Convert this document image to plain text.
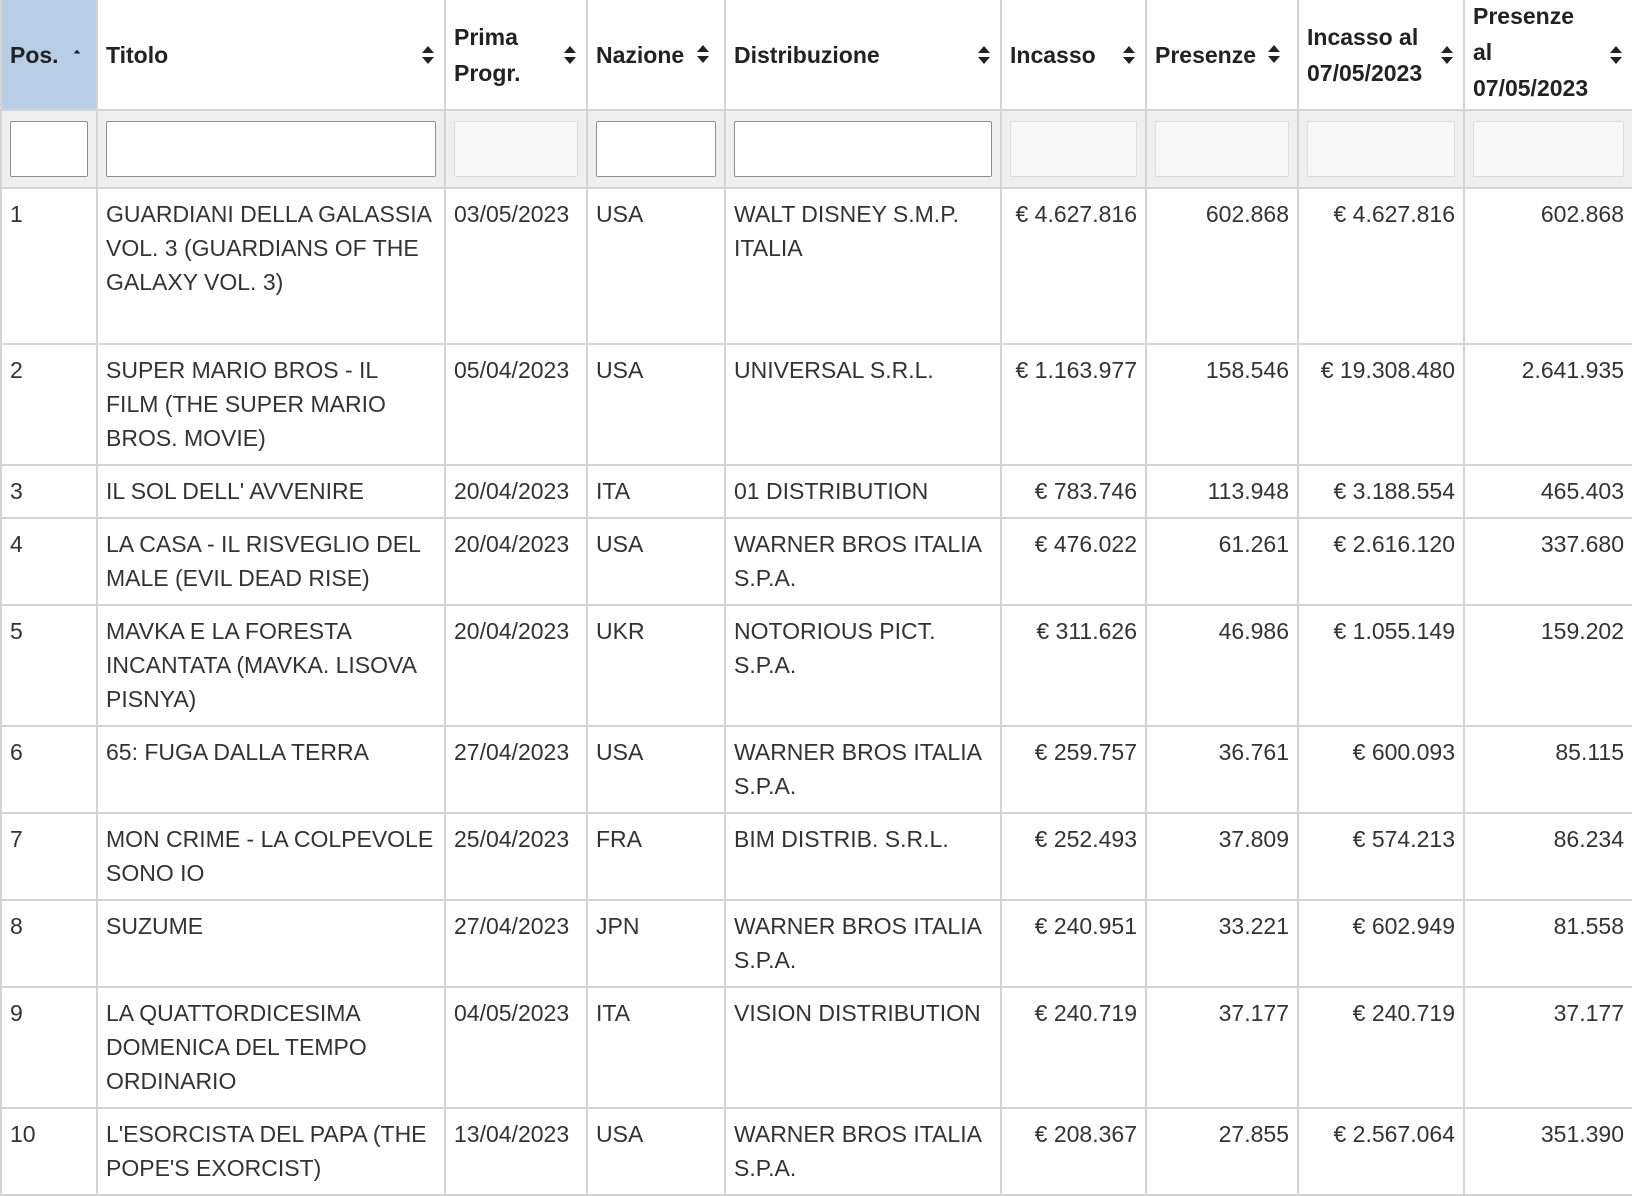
Pos.	Titolo	Prima Progr.	Nazione	Distribuzione	Incasso	Presenze	Incasso al 07/05/2023	Presenze al 07/05/2023

1	GUARDIANI DELLA GALASSIA VOL. 3 (GUARDIANS OF THE GALAXY VOL. 3)	03/05/2023	USA	WALT DISNEY S.M.P. ITALIA	€ 4.627.816	602.868	€ 4.627.816	602.868
2	SUPER MARIO BROS - IL FILM (THE SUPER MARIO BROS. MOVIE)	05/04/2023	USA	UNIVERSAL S.R.L.	€ 1.163.977	158.546	€ 19.308.480	2.641.935
3	IL SOL DELL' AVVENIRE	20/04/2023	ITA	01 DISTRIBUTION	€ 783.746	113.948	€ 3.188.554	465.403
4	LA CASA - IL RISVEGLIO DEL MALE (EVIL DEAD RISE)	20/04/2023	USA	WARNER BROS ITALIA S.P.A.	€ 476.022	61.261	€ 2.616.120	337.680
5	MAVKA E LA FORESTA INCANTATA (MAVKA. LISOVA PISNYA)	20/04/2023	UKR	NOTORIOUS PICT. S.P.A.	€ 311.626	46.986	€ 1.055.149	159.202
6	65: FUGA DALLA TERRA	27/04/2023	USA	WARNER BROS ITALIA S.P.A.	€ 259.757	36.761	€ 600.093	85.115
7	MON CRIME - LA COLPEVOLE SONO IO	25/04/2023	FRA	BIM DISTRIB. S.R.L.	€ 252.493	37.809	€ 574.213	86.234
8	SUZUME	27/04/2023	JPN	WARNER BROS ITALIA S.P.A.	€ 240.951	33.221	€ 602.949	81.558
9	LA QUATTORDICESIMA DOMENICA DEL TEMPO ORDINARIO	04/05/2023	ITA	VISION DISTRIBUTION	€ 240.719	37.177	€ 240.719	37.177
10	L'ESORCISTA DEL PAPA (THE POPE'S EXORCIST)	13/04/2023	USA	WARNER BROS ITALIA S.P.A.	€ 208.367	27.855	€ 2.567.064	351.390
